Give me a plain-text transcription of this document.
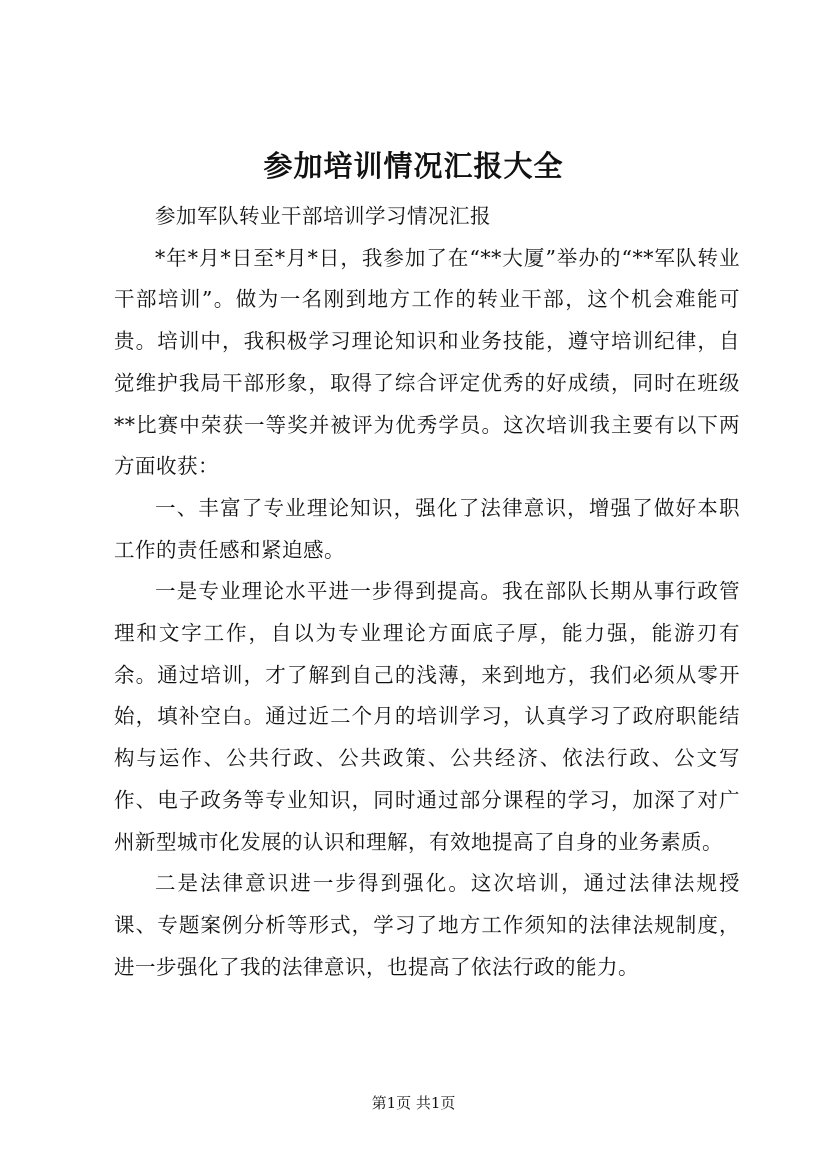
参加培训情况汇报大全

参加军队转业干部培训学习情况汇报

*年*月*日至*月*日，我参加了在“**大厦”举办的“**军队转业干部培训”。做为一名刚到地方工作的转业干部，这个机会难能可贵。培训中，我积极学习理论知识和业务技能，遵守培训纪律，自觉维护我局干部形象，取得了综合评定优秀的好成绩，同时在班级**比赛中荣获一等奖并被评为优秀学员。这次培训我主要有以下两方面收获：

一、丰富了专业理论知识，强化了法律意识，增强了做好本职工作的责任感和紧迫感。

一是专业理论水平进一步得到提高。我在部队长期从事行政管理和文字工作，自以为专业理论方面底子厚，能力强，能游刃有余。通过培训，才了解到自己的浅薄，来到地方，我们必须从零开始，填补空白。通过近二个月的培训学习，认真学习了政府职能结构与运作、公共行政、公共政策、公共经济、依法行政、公文写作、电子政务等专业知识，同时通过部分课程的学习，加深了对广州新型城市化发展的认识和理解，有效地提高了自身的业务素质。

二是法律意识进一步得到强化。这次培训，通过法律法规授课、专题案例分析等形式，学习了地方工作须知的法律法规制度，进一步强化了我的法律意识，也提高了依法行政的能力。

第1页 共1页
